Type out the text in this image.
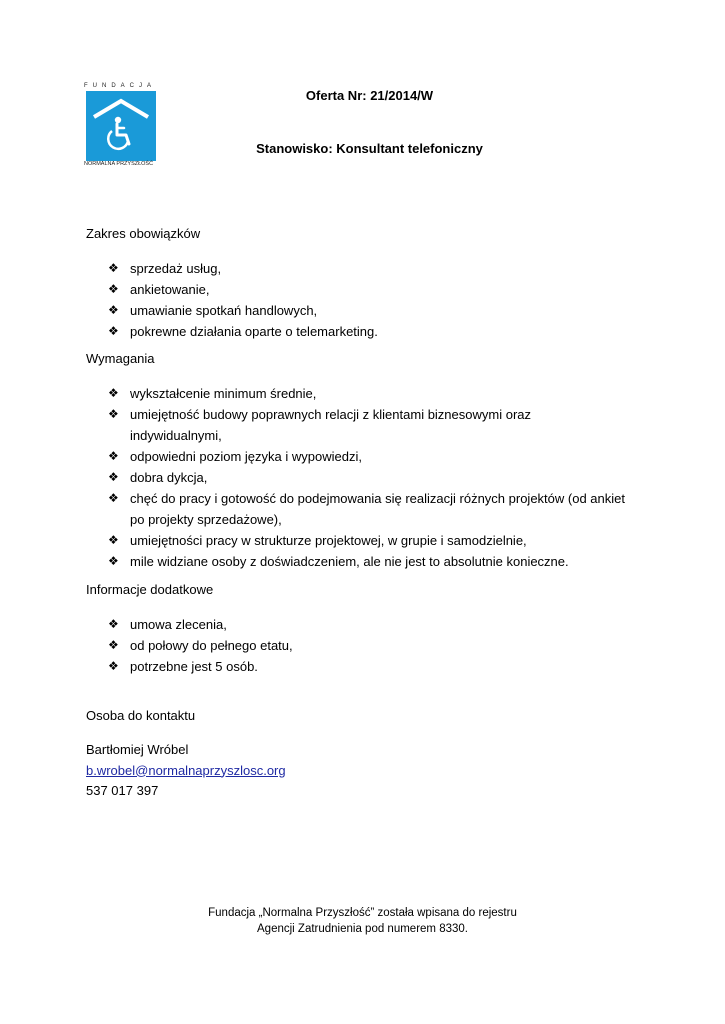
FUNDACJA
NORMALNA PRZYSZŁOŚĆ
Oferta Nr: 21/2014/W
Stanowisko: Konsultant telefoniczny
Zakres obowiązków
❖ sprzedaż usług,
❖ ankietowanie,
❖ umawianie spotkań handlowych,
❖ pokrewne działania oparte o telemarketing.
Wymagania
❖ wykształcenie minimum średnie,
❖ umiejętność budowy poprawnych relacji z klientami biznesowymi oraz indywidualnymi,
❖ odpowiedni poziom języka i wypowiedzi,
❖ dobra dykcja,
❖ chęć do pracy i gotowość do podejmowania się realizacji różnych projektów (od ankiet po projekty sprzedażowe),
❖ umiejętności pracy w strukturze projektowej, w grupie i samodzielnie,
❖ mile widziane osoby z doświadczeniem, ale nie jest to absolutnie konieczne.
Informacje dodatkowe
❖ umowa zlecenia,
❖ od połowy do pełnego etatu,
❖ potrzebne jest 5 osób.
Osoba do kontaktu
Bartłomiej Wróbel
b.wrobel@normalnaprzyszlosc.org
537 017 397
Fundacja „Normalna Przyszłość” została wpisana do rejestru
Agencji Zatrudnienia pod numerem 8330.
